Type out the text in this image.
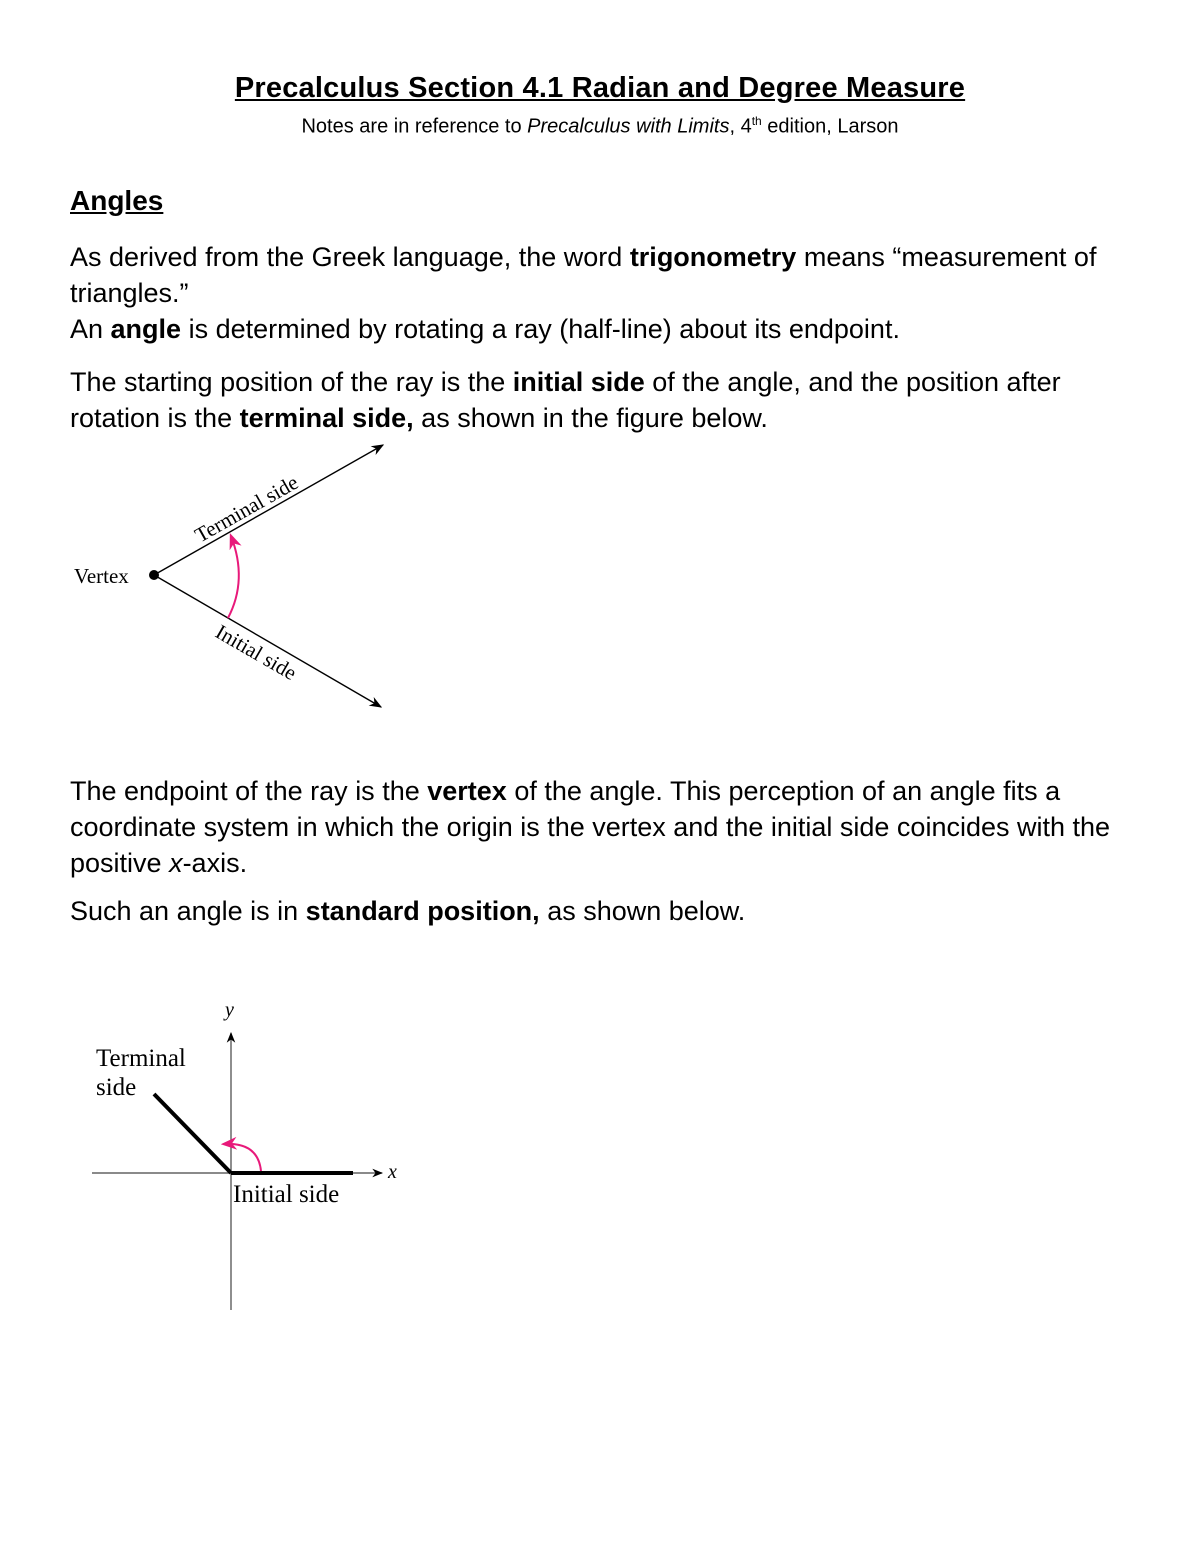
Precalculus Section 4.1 Radian and Degree Measure
Notes are in reference to Precalculus with Limits, 4th edition, Larson
Angles
As derived from the Greek language, the word trigonometry means “measurement of triangles.”
An angle is determined by rotating a ray (half-line) about its endpoint.
The starting position of the ray is the initial side of the angle, and the position after rotation is the terminal side, as shown in the figure below.
The endpoint of the ray is the vertex of the angle. This perception of an angle fits a coordinate system in which the origin is the vertex and the initial side coincides with the positive x-axis.
Such an angle is in standard position, as shown below.
Vertex
Terminal side
Initial side
y
x
Terminal
side
Initial side
